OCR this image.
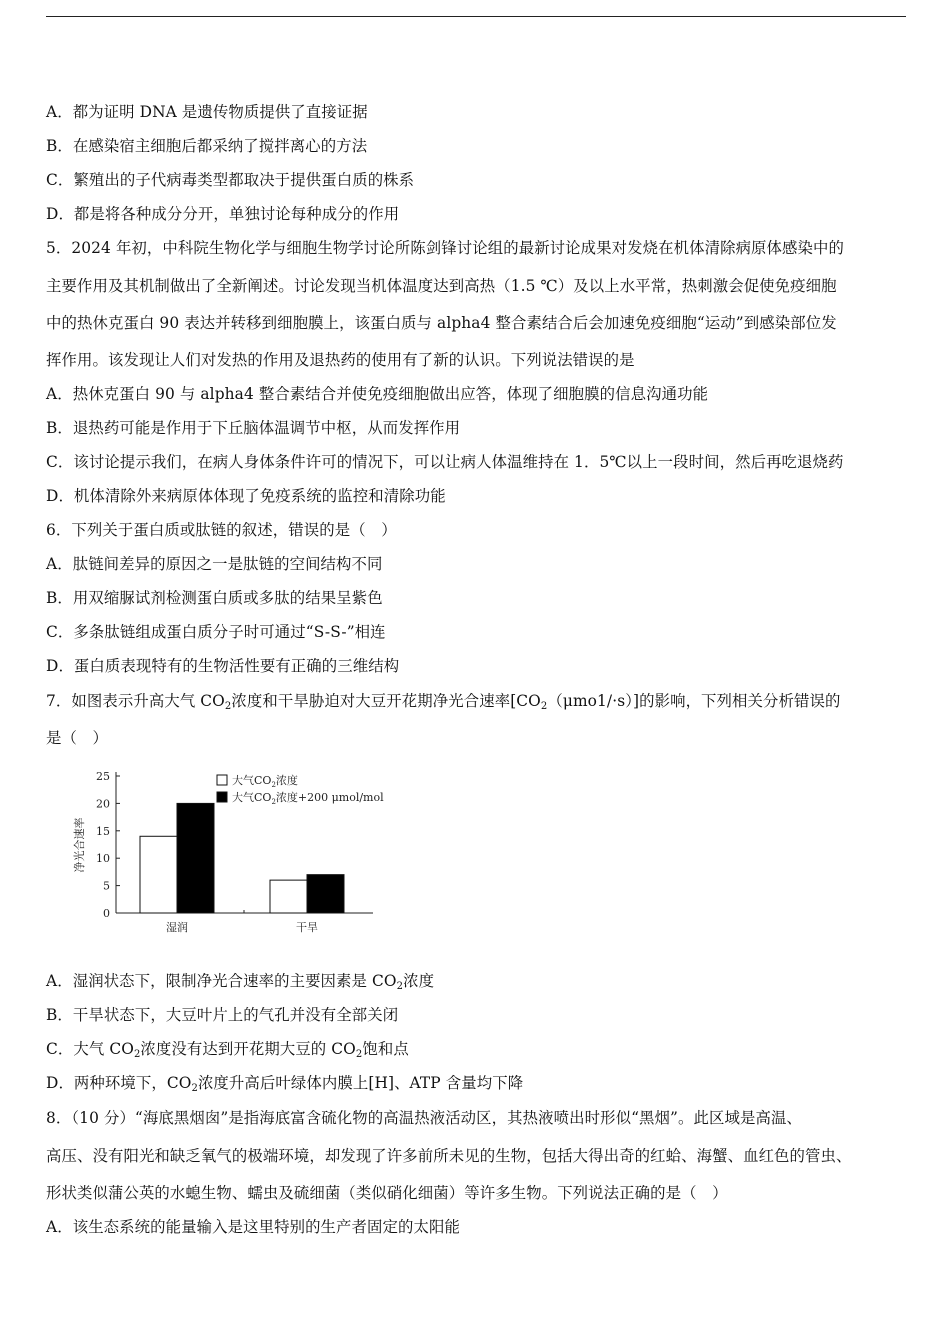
A．都为证明 DNA 是遗传物质提供了直接证据
B．在感染宿主细胞后都采纳了搅拌离心的方法
C．繁殖出的子代病毒类型都取决于提供蛋白质的株系
D．都是将各种成分分开，单独讨论每种成分的作用
5．2024 年初，中科院生物化学与细胞生物学讨论所陈剑锋讨论组的最新讨论成果对发烧在机体清除病原体感染中的
主要作用及其机制做出了全新阐述。讨论发现当机体温度达到高热（1.5 ℃）及以上水平常，热刺激会促使免疫细胞
中的热休克蛋白 90 表达并转移到细胞膜上，该蛋白质与 alpha4 整合素结合后会加速免疫细胞“运动”到感染部位发
挥作用。该发现让人们对发热的作用及退热药的使用有了新的认识。下列说法错误的是
A．热休克蛋白 90 与 alpha4 整合素结合并使免疫细胞做出应答，体现了细胞膜的信息沟通功能
B．退热药可能是作用于下丘脑体温调节中枢，从而发挥作用
C．该讨论提示我们，在病人身体条件许可的情况下，可以让病人体温维持在 1．5℃以上一段时间，然后再吃退烧药
D．机体清除外来病原体体现了免疫系统的监控和清除功能
6．下列关于蛋白质或肽链的叙述，错误的是（　）
A．肽链间差异的原因之一是肽链的空间结构不同
B．用双缩脲试剂检测蛋白质或多肽的结果呈紫色
C．多条肽链组成蛋白质分子时可通过“S-S-”相连
D．蛋白质表现特有的生物活性要有正确的三维结构
7．如图表示升高大气 $CO_2$浓度和干旱胁迫对大豆开花期净光合速率$[CO_2(\mu mo1/\cdot s)]$的影响，下列相关分析错误的
是（　）
净光合速率
0
5
10
15
20
25
湿润	干旱
大气$CO_2$浓度
大气$CO_2$浓度+200 μmol/mol
A．湿润状态下，限制净光合速率的主要因素是 $CO_2$浓度
B．干旱状态下，大豆叶片上的气孔并没有全部关闭
C．大气 $CO_2$浓度没有达到开花期大豆的 $CO_2$饱和点
D．两种环境下，$CO_2$浓度升高后叶绿体内膜上[H]、ATP 含量均下降
8．（10 分）“海底黑烟囱”是指海底富含硫化物的高温热液活动区，其热液喷出时形似“黑烟”。此区域是高温、
高压、没有阳光和缺乏氧气的极端环境，却发现了许多前所未见的生物，包括大得出奇的红蛤、海蟹、血红色的管虫、
形状类似蒲公英的水螅生物、蠕虫及硫细菌（类似硝化细菌）等许多生物。下列说法正确的是（　）
A．该生态系统的能量输入是这里特别的生产者固定的太阳能
